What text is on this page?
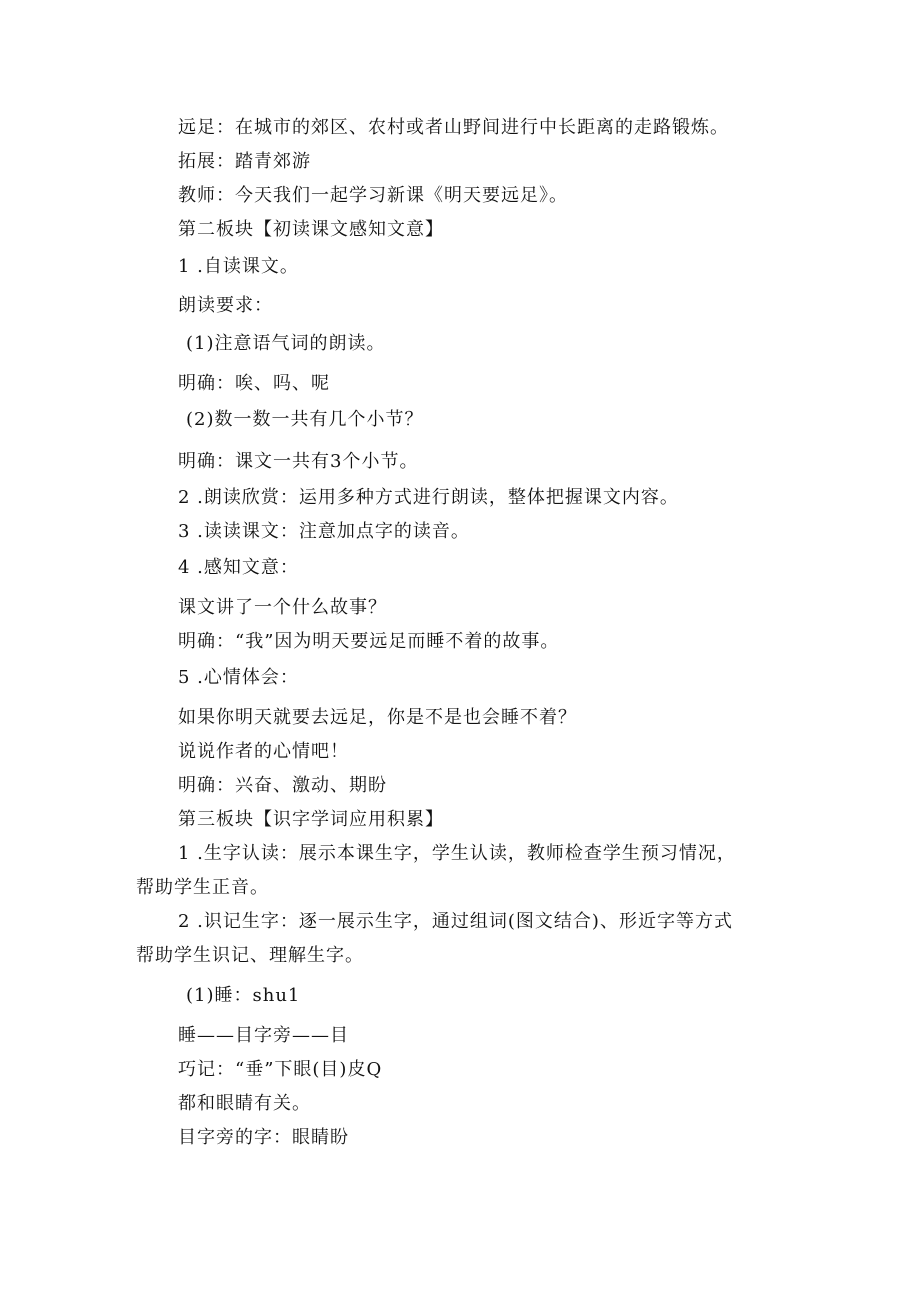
远足：在城市的郊区、农村或者山野间进行中长距离的走路锻炼。
拓展：踏青郊游
教师：今天我们一起学习新课《明天要远足》。
第二板块【初读课文感知文意】
1 .自读课文。
朗读要求：
(1)注意语气词的朗读。
明确：唉、吗、呢
(2)数一数一共有几个小节？
明确：课文一共有3个小节。
2 .朗读欣赏：运用多种方式进行朗读，整体把握课文内容。
3 .读读课文：注意加点字的读音。
4 .感知文意：
课文讲了一个什么故事？
明确：“我”因为明天要远足而睡不着的故事。
5 .心情体会：
如果你明天就要去远足，你是不是也会睡不着？
说说作者的心情吧！
明确：兴奋、激动、期盼
第三板块【识字学词应用积累】
1 .生字认读：展示本课生字，学生认读，教师检查学生预习情况，
帮助学生正音。
2 .识记生字：逐一展示生字，通过组词(图文结合)、形近字等方式
帮助学生识记、理解生字。
(1)睡：shu1
睡——目字旁——目
巧记：“垂”下眼(目)皮Q
都和眼睛有关。
目字旁的字：眼睛盼
